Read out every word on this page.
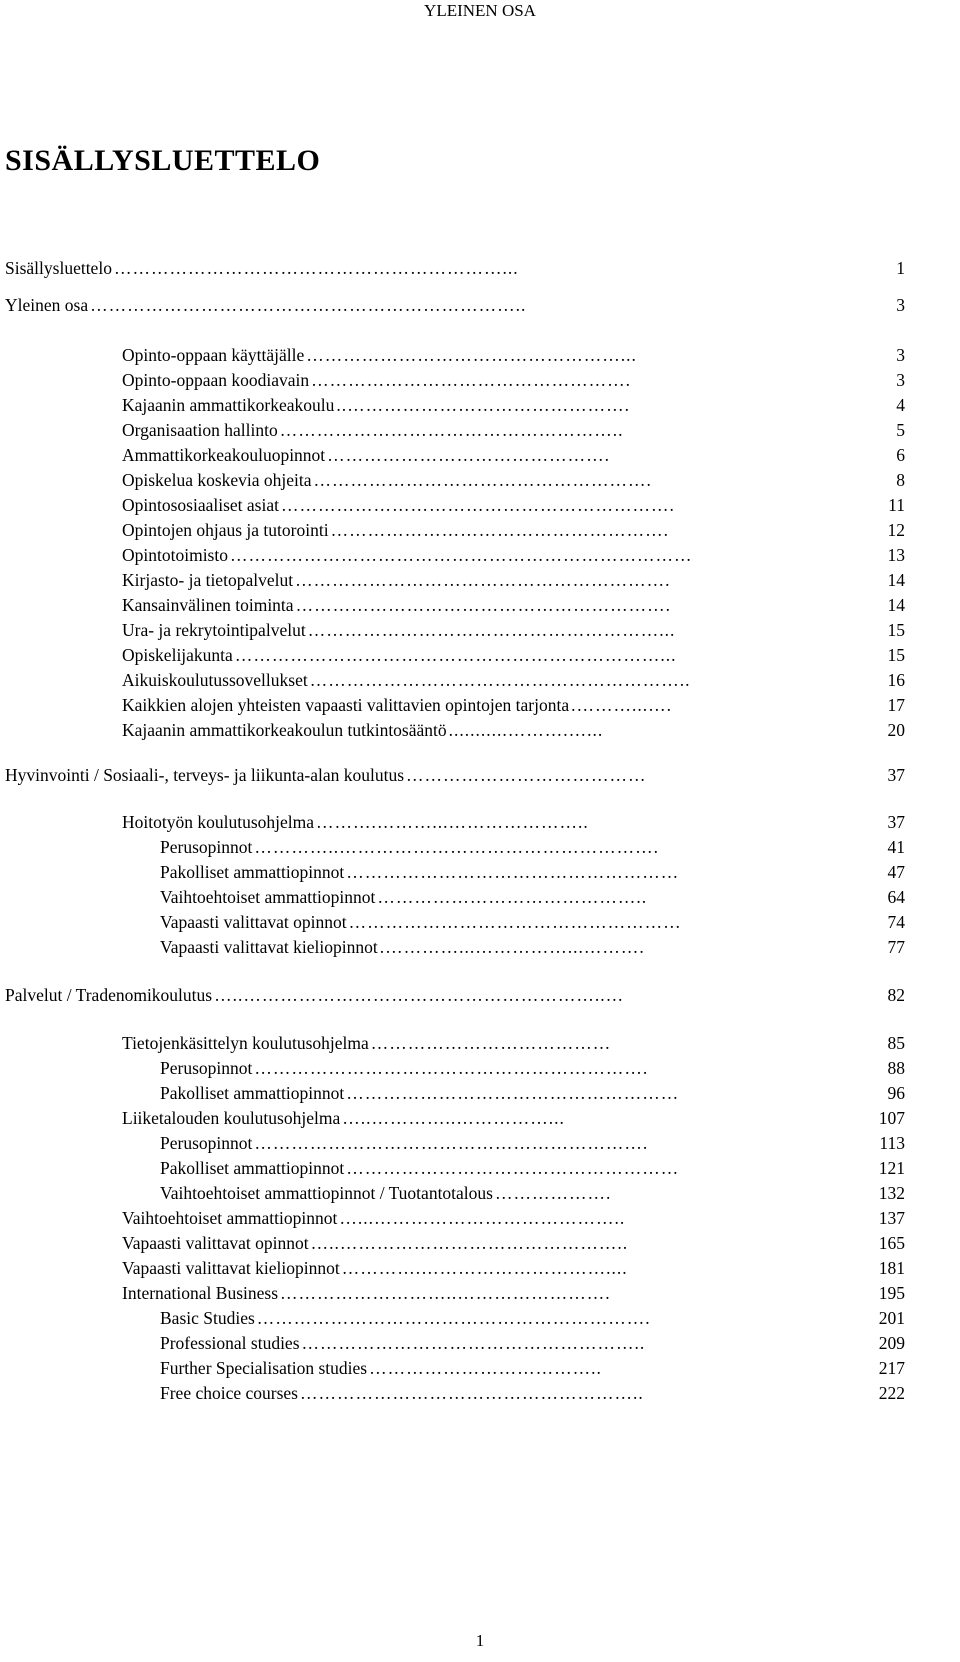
YLEINEN OSA
SISÄLLYSLUETTELO
Sisällysluettelo ………………………………………………………...	1
Yleinen osa ……………………………………………………………..	3
Opinto-oppaan käyttäjälle ……………………………………………...	3
Opinto-oppaan koodiavain …………………………………………….	3
Kajaanin ammattikorkeakoulu ..……………………………………….	4
Organisaation hallinto ………………………………………………..	5
Ammattikorkeakouluopinnot ……………………………………….	6
Opiskelua koskevia ohjeita ……………………………………………….	8
Opintososiaaliset asiat ……………………………………………………….	11
Opintojen ohjaus ja tutorointi ……………………………………………….	12
Opintotoimisto …………………………………………………………………	13
Kirjasto- ja tietopalvelut …………………………………………………….	14
Kansainvälinen toiminta …………………………………………………….	14
Ura- ja rekrytointipalvelut …………………………………………………...	15
Opiskelijakunta ……………………………………………………………...	15
Aikuiskoulutussovellukset ……………………………………………………..	16
Kaikkien alojen yhteisten vapaasti valittavien opintojen tarjonta .………...….	17
Kajaanin ammattikorkeakoulun tutkintosääntö ...........……….…...	20
Hyvinvointi / Sosiaali-, terveys- ja liikunta-alan koulutus …………………………………	37
Hoitotyön koulutusohjelma ……….………...…………………..	37
Perusopinnot …………..…………………………………………….	41
Pakolliset ammattiopinnot ………………………………………………	47
Vaihtoehtoiset ammattiopinnot ……………………………………..	64
Vapaasti valittavat opinnot ………………………………………………	74
Vapaasti valittavat kieliopinnot .…………...……………...……….	77
Palvelut / Tradenomikoulutus …..…………………………………………………..…	82
Tietojenkäsittelyn koulutusohjelma …………………………………	85
Perusopinnot ……………………………………………………….	88
Pakolliset ammattiopinnot ………………………………………………	96
Liiketalouden koulutusohjelma …..…………..……………...	107
Perusopinnot ……………………………………………………….	113
Pakolliset ammattiopinnot ………………………………………………	121
Vaihtoehtoiset ammattiopinnot / Tuotantotalous ……………….	132
Vaihtoehtoiset ammattiopinnot …...…………………………………..	137
Vapaasti valittavat opinnot …..………………………………………..	165
Vapaasti valittavat kieliopinnot ………….…………………………....	181
International Business ………………………..…………………….	195
Basic Studies ……………………………………………………….	201
Professional studies ………………………………………………..	209
Further Specialisation studies ………………………………..	217
Free choice courses ………………………………………………..	222
1
